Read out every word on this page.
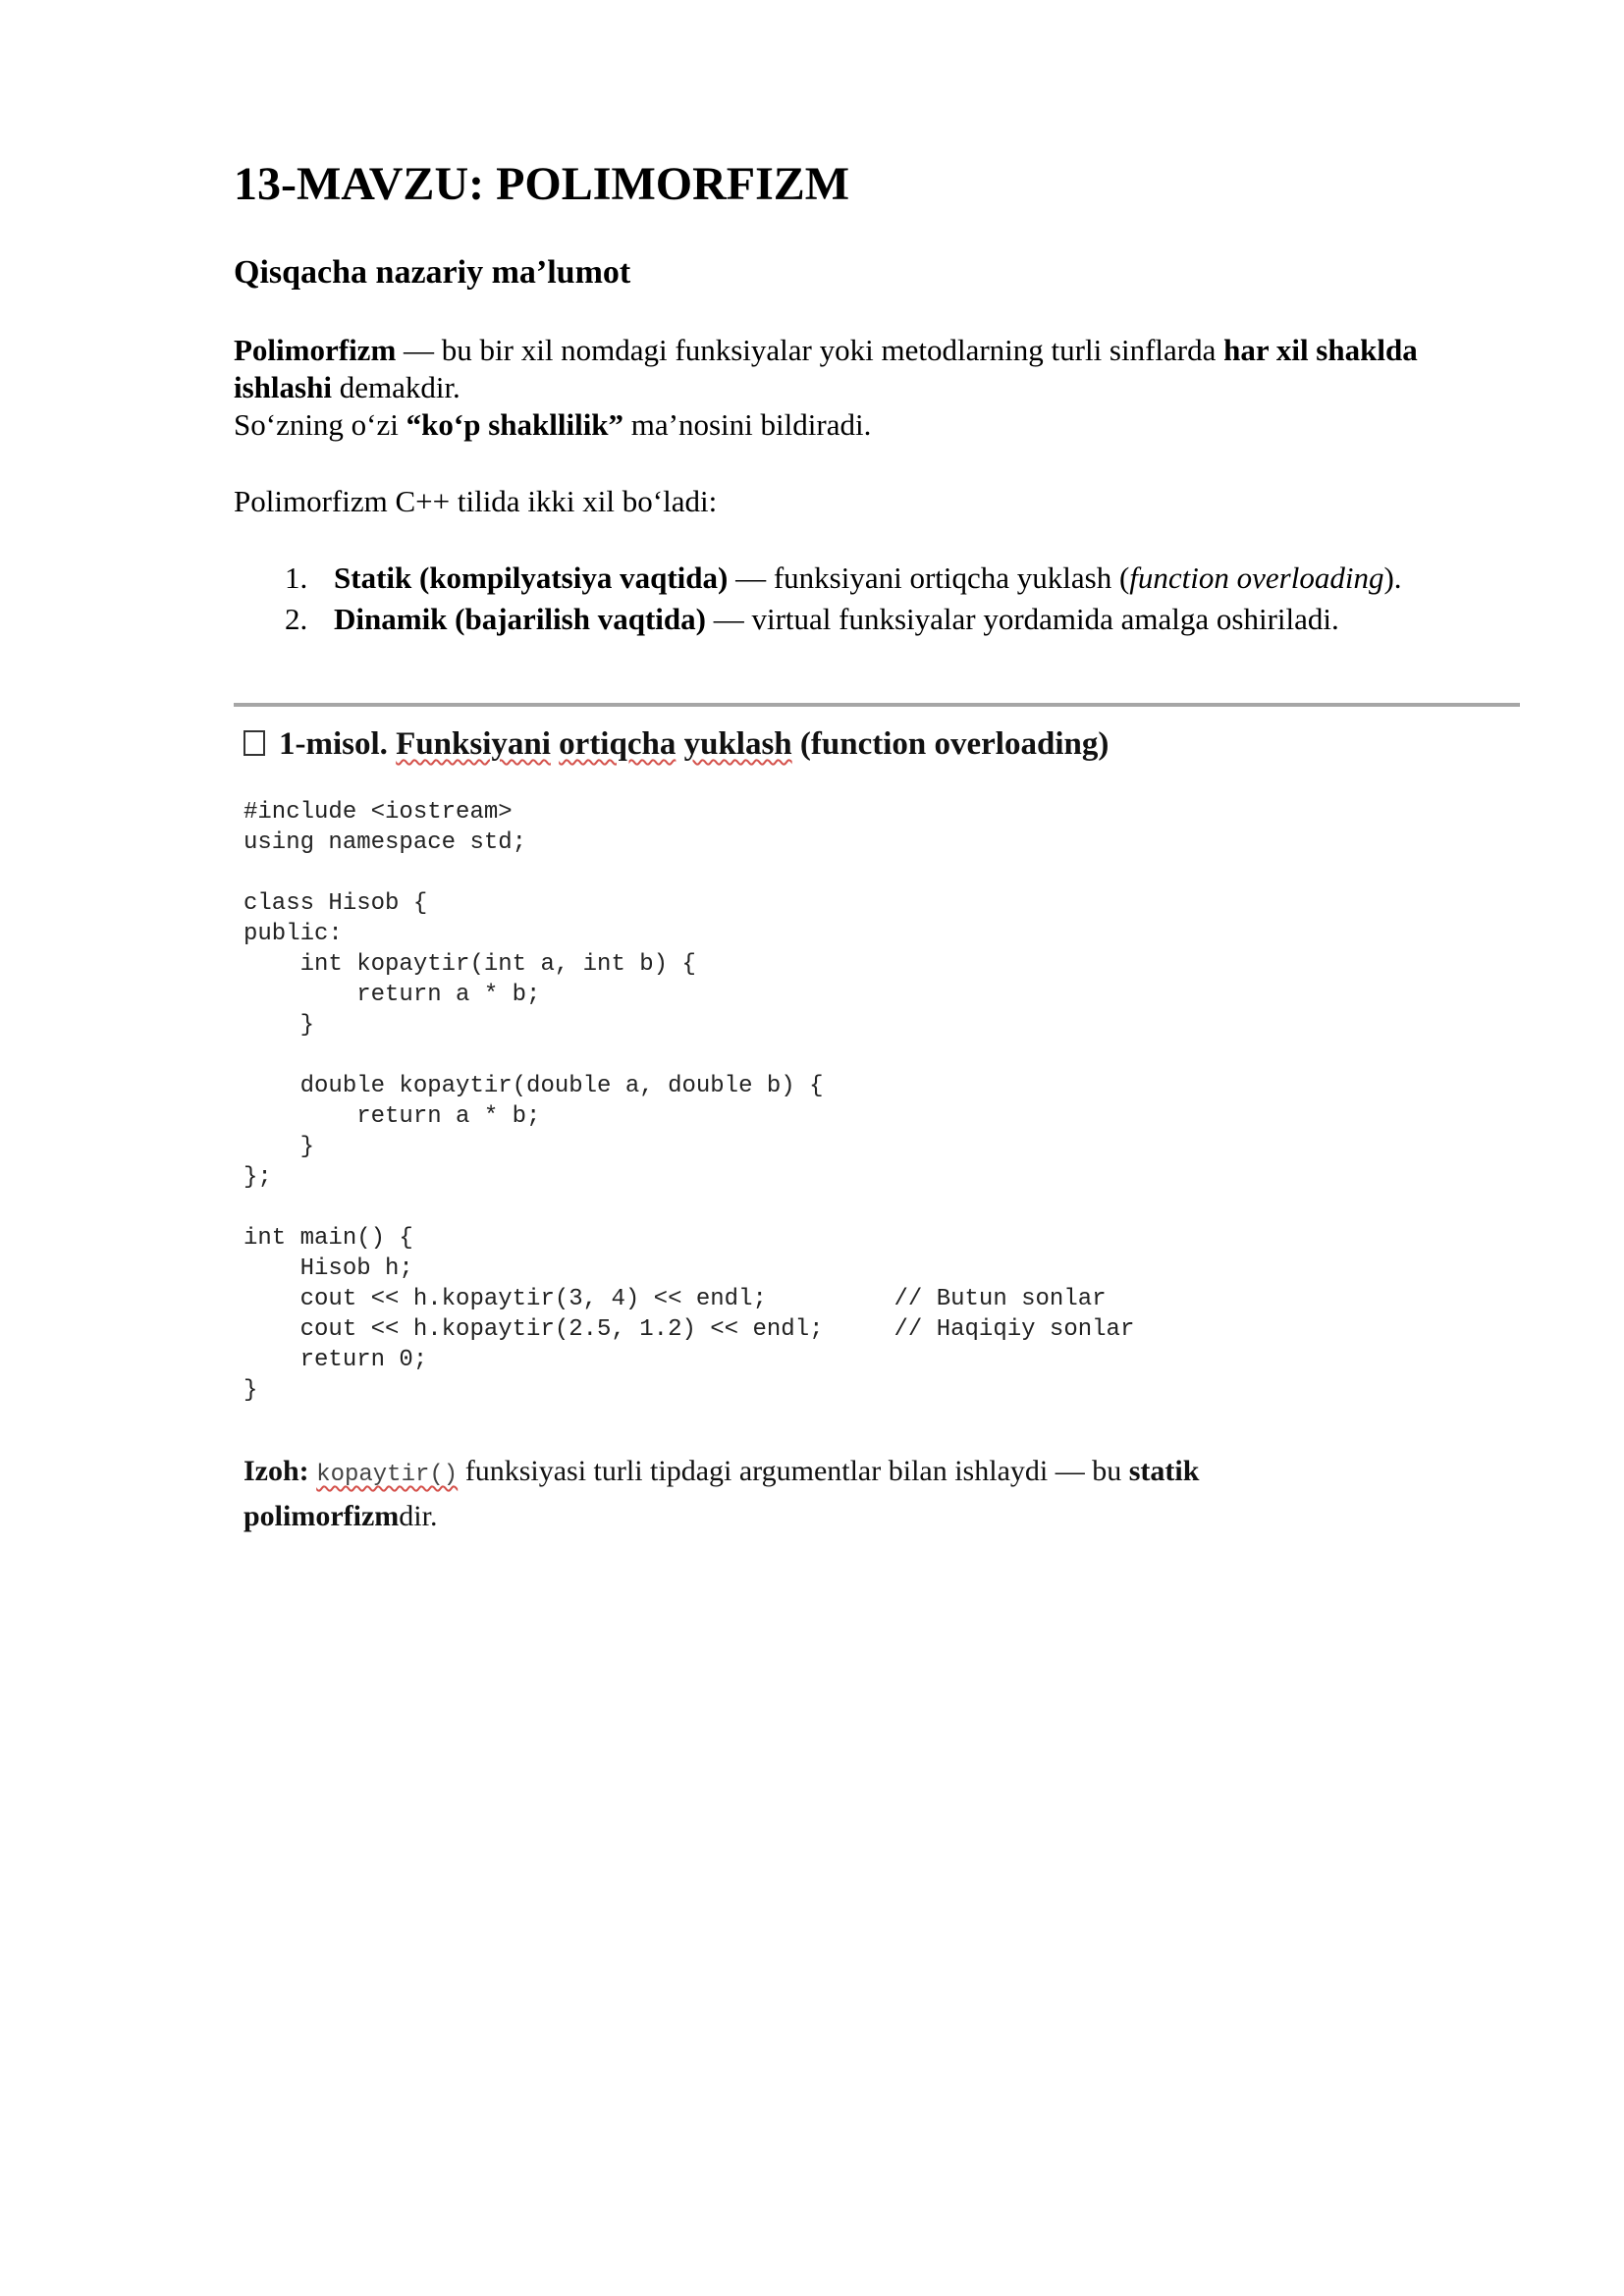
13-MAVZU: POLIMORFIZM
Qisqacha nazariy ma’lumot

Polimorfizm — bu bir xil nomdagi funksiyalar yoki metodlarning turli sinflarda har xil shaklda ishlashi demakdir.
So‘zning o‘zi “ko‘p shakllilik” ma’nosini bildiradi.

Polimorfizm C++ tilida ikki xil bo‘ladi:

1. Statik (kompilyatsiya vaqtida) — funksiyani ortiqcha yuklash (function overloading).
2. Dinamik (bajarilish vaqtida) — virtual funksiyalar yordamida amalga oshiriladi.

1-misol. Funksiyani ortiqcha yuklash (function overloading)

#include <iostream>
using namespace std;
class Hisob {
public:
int kopaytir(int a, int b) {
return a * b;
}
double kopaytir(double a, double b) {
return a * b;
}
};
int main() {
Hisob h;
cout << h.kopaytir(3, 4) << endl;         // Butun sonlar
cout << h.kopaytir(2.5, 1.2) << endl;     // Haqiqiy sonlar
return 0;
}

Izoh: kopaytir() funksiyasi turli tipdagi argumentlar bilan ishlaydi — bu statik polimorfizmdir.
